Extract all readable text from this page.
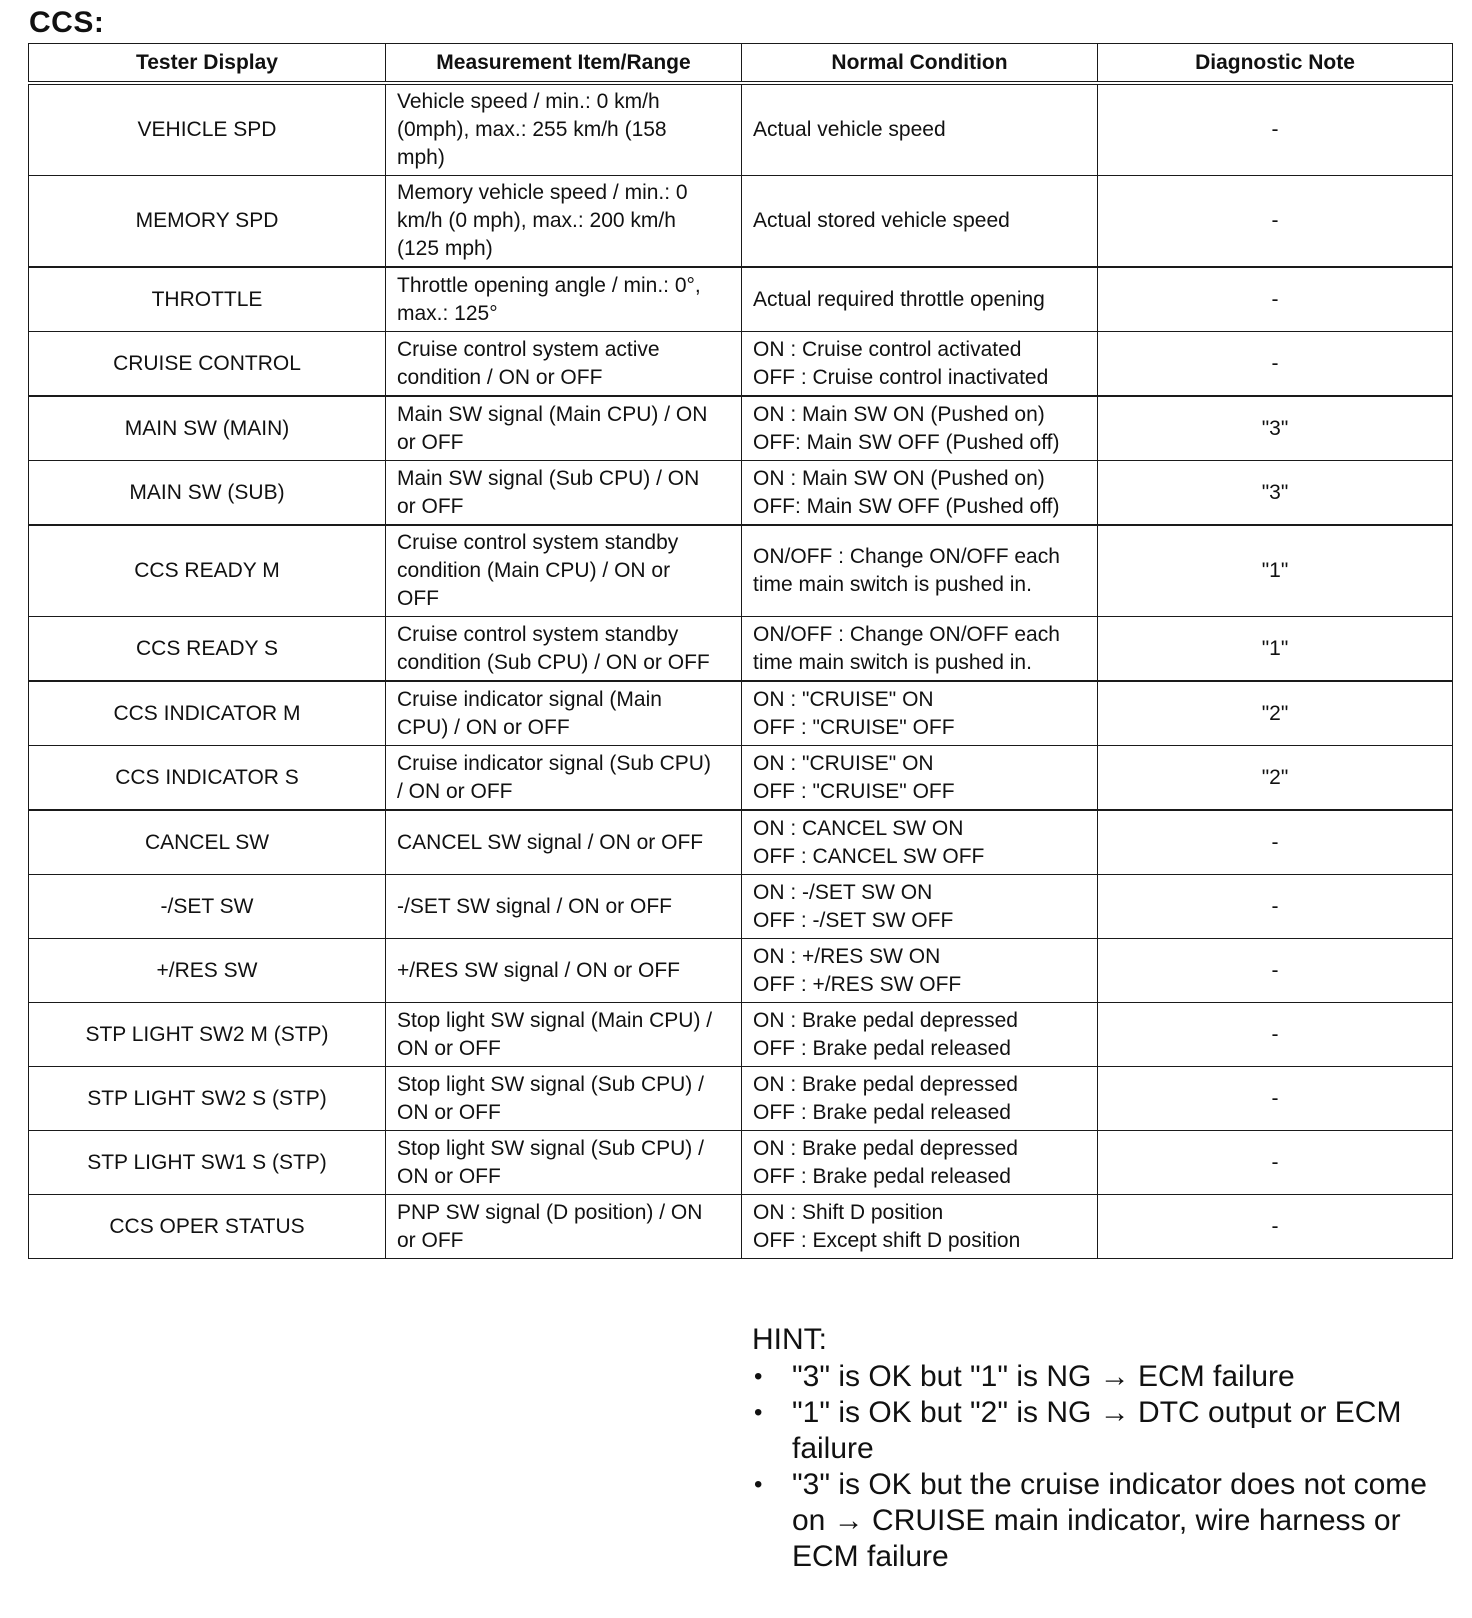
CCS:
Tester Display	Measurement Item/Range	Normal Condition	Diagnostic Note
VEHICLE SPD	Vehicle speed / min.: 0 km/h
(0mph), max.: 255 km/h (158
mph)	Actual vehicle speed	-
MEMORY SPD	Memory vehicle speed / min.: 0
km/h (0 mph), max.: 200 km/h
(125 mph)	Actual stored vehicle speed	-
THROTTLE	Throttle opening angle / min.: 0°,
max.: 125°	Actual required throttle opening	-
CRUISE CONTROL	Cruise control system active
condition / ON or OFF	ON : Cruise control activated
OFF : Cruise control inactivated	-
MAIN SW (MAIN)	Main SW signal (Main CPU) / ON
or OFF	ON : Main SW ON (Pushed on)
OFF: Main SW OFF (Pushed off)	"3"
MAIN SW (SUB)	Main SW signal (Sub CPU) / ON
or OFF	ON : Main SW ON (Pushed on)
OFF: Main SW OFF (Pushed off)	"3"
CCS READY M	Cruise control system standby
condition (Main CPU) / ON or
OFF	ON/OFF : Change ON/OFF each
time main switch is pushed in.	"1"
CCS READY S	Cruise control system standby
condition (Sub CPU) / ON or OFF	ON/OFF : Change ON/OFF each
time main switch is pushed in.	"1"
CCS INDICATOR M	Cruise indicator signal (Main
CPU) / ON or OFF	ON : "CRUISE" ON
OFF : "CRUISE" OFF	"2"
CCS INDICATOR S	Cruise indicator signal (Sub CPU)
/ ON or OFF	ON : "CRUISE" ON
OFF : "CRUISE" OFF	"2"
CANCEL SW	CANCEL SW signal / ON or OFF	ON : CANCEL SW ON
OFF : CANCEL SW OFF	-
-/SET SW	-/SET SW signal / ON or OFF	ON : -/SET SW ON
OFF : -/SET SW OFF	-
+/RES SW	+/RES SW signal / ON or OFF	ON : +/RES SW ON
OFF : +/RES SW OFF	-
STP LIGHT SW2 M (STP)	Stop light SW signal (Main CPU) /
ON or OFF	ON : Brake pedal depressed
OFF : Brake pedal released	-
STP LIGHT SW2 S (STP)	Stop light SW signal (Sub CPU) /
ON or OFF	ON : Brake pedal depressed
OFF : Brake pedal released	-
STP LIGHT SW1 S (STP)	Stop light SW signal (Sub CPU) /
ON or OFF	ON : Brake pedal depressed
OFF : Brake pedal released	-
CCS OPER STATUS	PNP SW signal (D position) / ON
or OFF	ON : Shift D position
OFF : Except shift D position	-
HINT:
• "3" is OK but "1" is NG → ECM failure
• "1" is OK but "2" is NG → DTC output or ECM failure
• "3" is OK but the cruise indicator does not come on → CRUISE main indicator, wire harness or ECM failure
